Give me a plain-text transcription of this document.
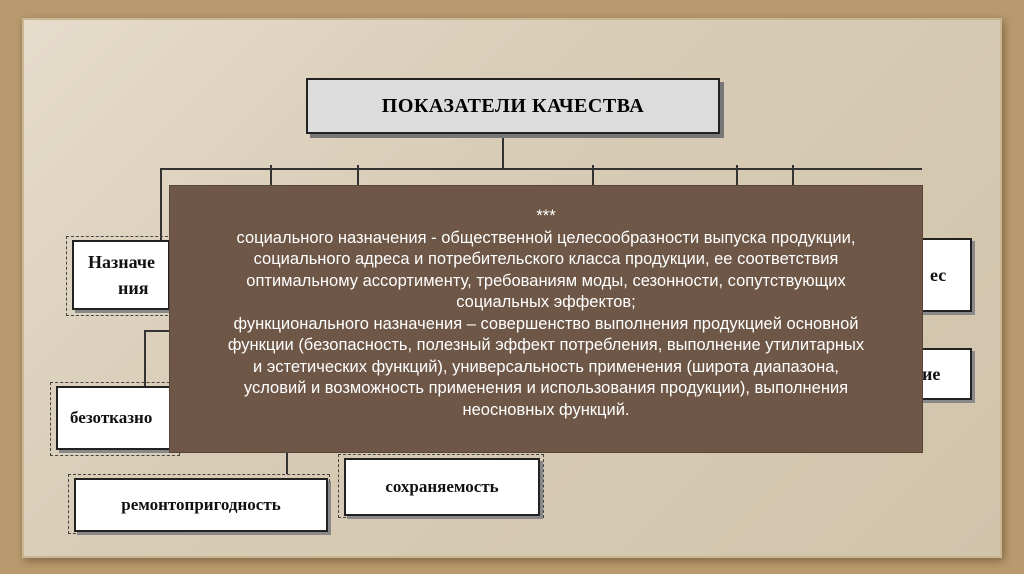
ПОКАЗАТЕЛИ КАЧЕСТВА
Назначе
ния
ес
ие
безотказно
ремонтопригодность
сохраняемость
***
социального назначения - общественной целесообразности выпуска продукции,
социального адреса и потребительского класса продукции, ее соответствия
оптимальному ассортименту, требованиям моды, сезонности, сопутствующих
социальных эффектов;
функционального назначения – совершенство выполнения продукцией основной
функции (безопасность, полезный эффект потребления, выполнение утилитарных
и эстетических функций), универсальность применения (широта диапазона,
условий и возможность применения и использования продукции), выполнения
неосновных функций.
